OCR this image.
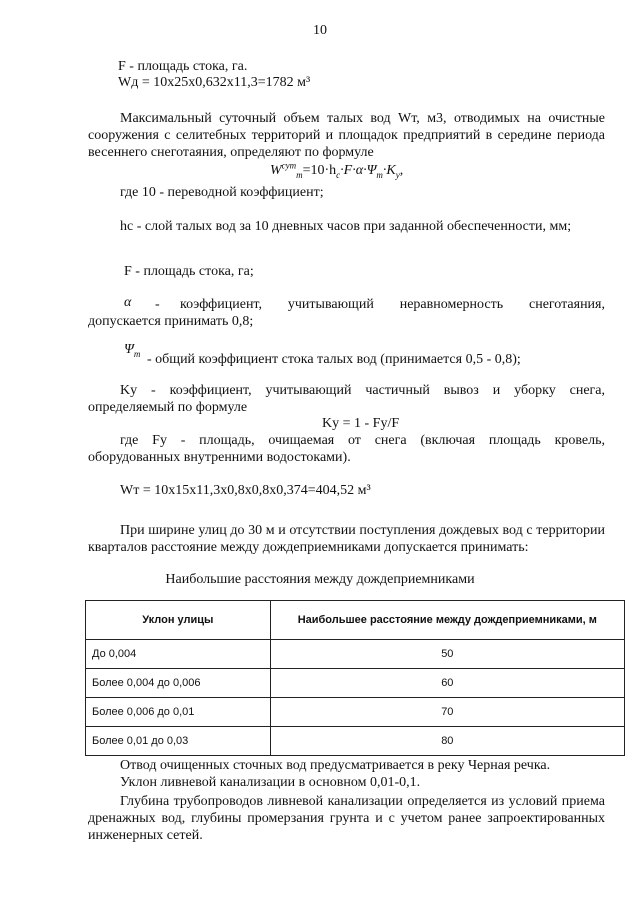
10
F - площадь стока, га.
Wд = 10x25x0,632x11,3=1782 м³
Максимальный суточный объем талых вод Wт, м3, отводимых на очистные сооружения с селитебных территорий и площадок предприятий в середине периода весеннего снеготаяния, определяют по формуле
$W^{сут}_т=10\cdot h_c\cdot F\cdot\alpha\cdot\Psi_т\cdot K_y$,
где 10 - переводной коэффициент;
hc - слой талых вод за 10 дневных часов при заданной обеспеченности, мм;
F - площадь стока, га;
α -	коэффициент, учитывающий неравномерность снеготаяния, допускается принимать 0,8;
$\Psi_т$ - общий коэффициент стока талых вод (принимается 0,5 - 0,8);
Ky - коэффициент, учитывающий частичный вывоз и уборку снега, определяемый по формуле
Ky = 1 - Fy/F
где Fy - площадь, очищаемая от снега (включая площадь кровель, оборудованных внутренними водостоками).
Wт = 10x15x11,3x0,8x0,8x0,374=404,52 м³
При ширине улиц до 30 м и отсутствии поступления дождевых вод с территории кварталов расстояние между дождеприемниками допускается принимать:
Наибольшие расстояния между дождеприемниками
Уклон улицы	Наибольшее расстояние между дождеприемниками, м
До 0,004	50
Более 0,004 до 0,006	60
Более 0,006 до 0,01	70
Более 0,01 до 0,03	80
Отвод очищенных сточных вод предусматривается в реку Черная речка.
Уклон ливневой канализации в основном 0,01-0,1.
Глубина трубопроводов ливневой канализации определяется из условий приема дренажных вод, глубины промерзания грунта и с учетом ранее запроектированных инженерных сетей.
